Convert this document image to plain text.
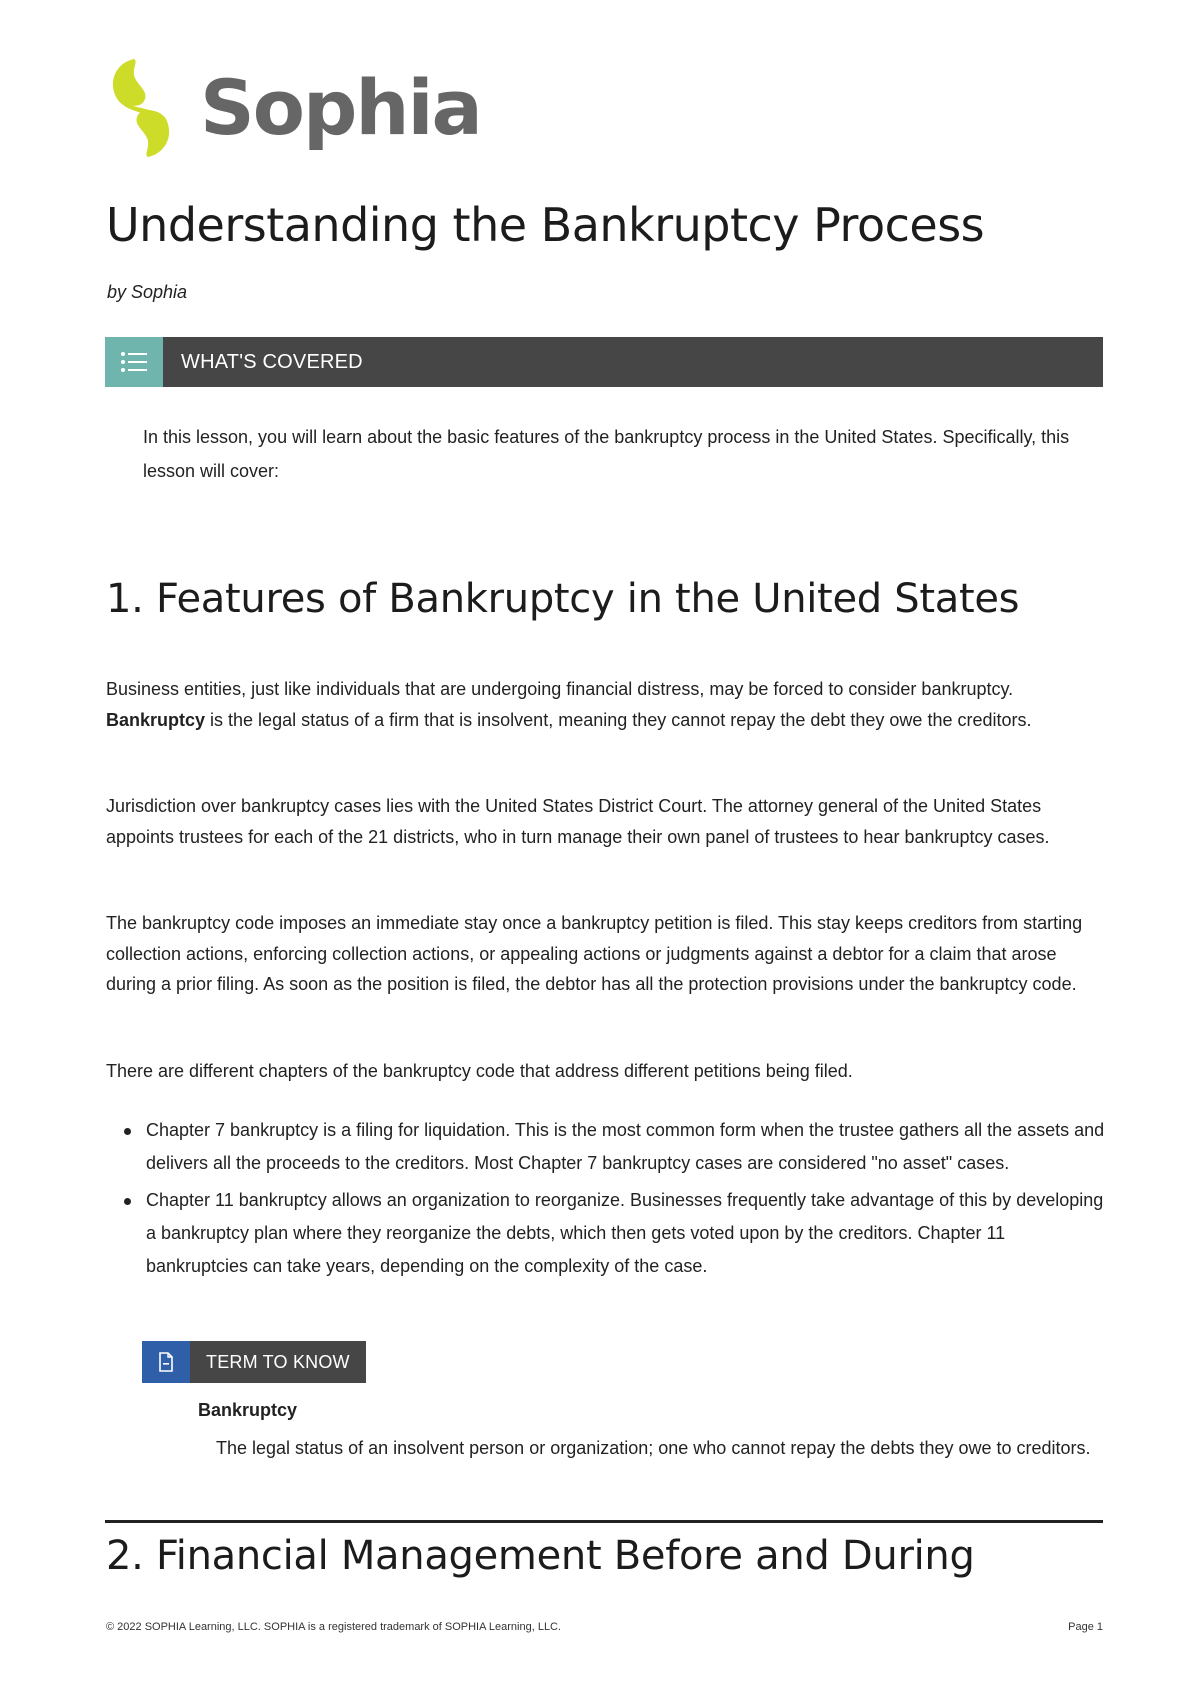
Sophia
Understanding the Bankruptcy Process
by Sophia
WHAT'S COVERED

In this lesson, you will learn about the basic features of the bankruptcy process in the United States. Specifically, this lesson will cover:

1. Features of Bankruptcy in the United States

Business entities, just like individuals that are undergoing financial distress, may be forced to consider bankruptcy. Bankruptcy is the legal status of a firm that is insolvent, meaning they cannot repay the debt they owe the creditors.

Jurisdiction over bankruptcy cases lies with the United States District Court. The attorney general of the United States appoints trustees for each of the 21 districts, who in turn manage their own panel of trustees to hear bankruptcy cases.

The bankruptcy code imposes an immediate stay once a bankruptcy petition is filed. This stay keeps creditors from starting collection actions, enforcing collection actions, or appealing actions or judgments against a debtor for a claim that arose during a prior filing. As soon as the position is filed, the debtor has all the protection provisions under the bankruptcy code.

There are different chapters of the bankruptcy code that address different petitions being filed.

Chapter 7 bankruptcy is a filing for liquidation. This is the most common form when the trustee gathers all the assets and delivers all the proceeds to the creditors. Most Chapter 7 bankruptcy cases are considered "no asset" cases.
Chapter 11 bankruptcy allows an organization to reorganize. Businesses frequently take advantage of this by developing a bankruptcy plan where they reorganize the debts, which then gets voted upon by the creditors. Chapter 11 bankruptcies can take years, depending on the complexity of the case.
TERM TO KNOW
Bankruptcy

The legal status of an insolvent person or organization; one who cannot repay the debts they owe to creditors.

2. Financial Management Before and During
© 2022 SOPHIA Learning, LLC. SOPHIA is a registered trademark of SOPHIA Learning, LLC.	Page 1
